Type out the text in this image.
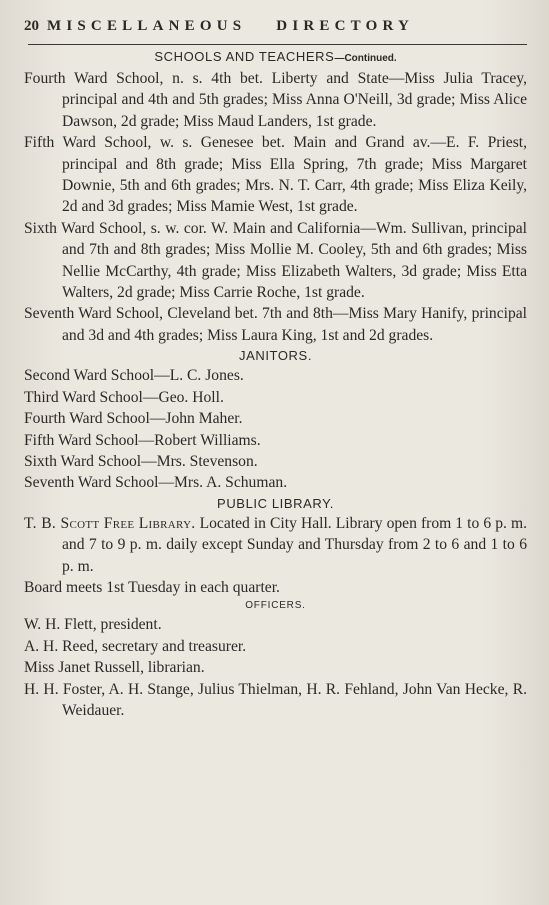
20 MISCELLANEOUS DIRECTORY
SCHOOLS AND TEACHERS—Continued.

Fourth Ward School, n. s. 4th bet. Liberty and State—Miss Julia Tracey, principal and 4th and 5th grades; Miss Anna O'Neill, 3d grade; Miss Alice Dawson, 2d grade; Miss Maud Landers, 1st grade.

Fifth Ward School, w. s. Genesee bet. Main and Grand av.—E. F. Priest, principal and 8th grade; Miss Ella Spring, 7th grade; Miss Margaret Downie, 5th and 6th grades; Mrs. N. T. Carr, 4th grade; Miss Eliza Keily, 2d and 3d grades; Miss Mamie West, 1st grade.

Sixth Ward School, s. w. cor. W. Main and California—Wm. Sullivan, principal and 7th and 8th grades; Miss Mollie M. Cooley, 5th and 6th grades; Miss Nellie McCarthy, 4th grade; Miss Elizabeth Walters, 3d grade; Miss Etta Walters, 2d grade; Miss Carrie Roche, 1st grade.

Seventh Ward School, Cleveland bet. 7th and 8th—Miss Mary Hanify, principal and 3d and 4th grades; Miss Laura King, 1st and 2d grades.

JANITORS.

Second Ward School—L. C. Jones.

Third Ward School—Geo. Holl.

Fourth Ward School—John Maher.

Fifth Ward School—Robert Williams.

Sixth Ward School—Mrs. Stevenson.

Seventh Ward School—Mrs. A. Schuman.

PUBLIC LIBRARY.

T. B. Scott Free Library. Located in City Hall. Library open from 1 to 6 p. m. and 7 to 9 p. m. daily except Sunday and Thursday from 2 to 6 and 1 to 6 p. m.

Board meets 1st Tuesday in each quarter.

OFFICERS.

W. H. Flett, president.

A. H. Reed, secretary and treasurer.

Miss Janet Russell, librarian.

H. H. Foster, A. H. Stange, Julius Thielman, H. R. Fehland, John Van Hecke, R. Weidauer.
